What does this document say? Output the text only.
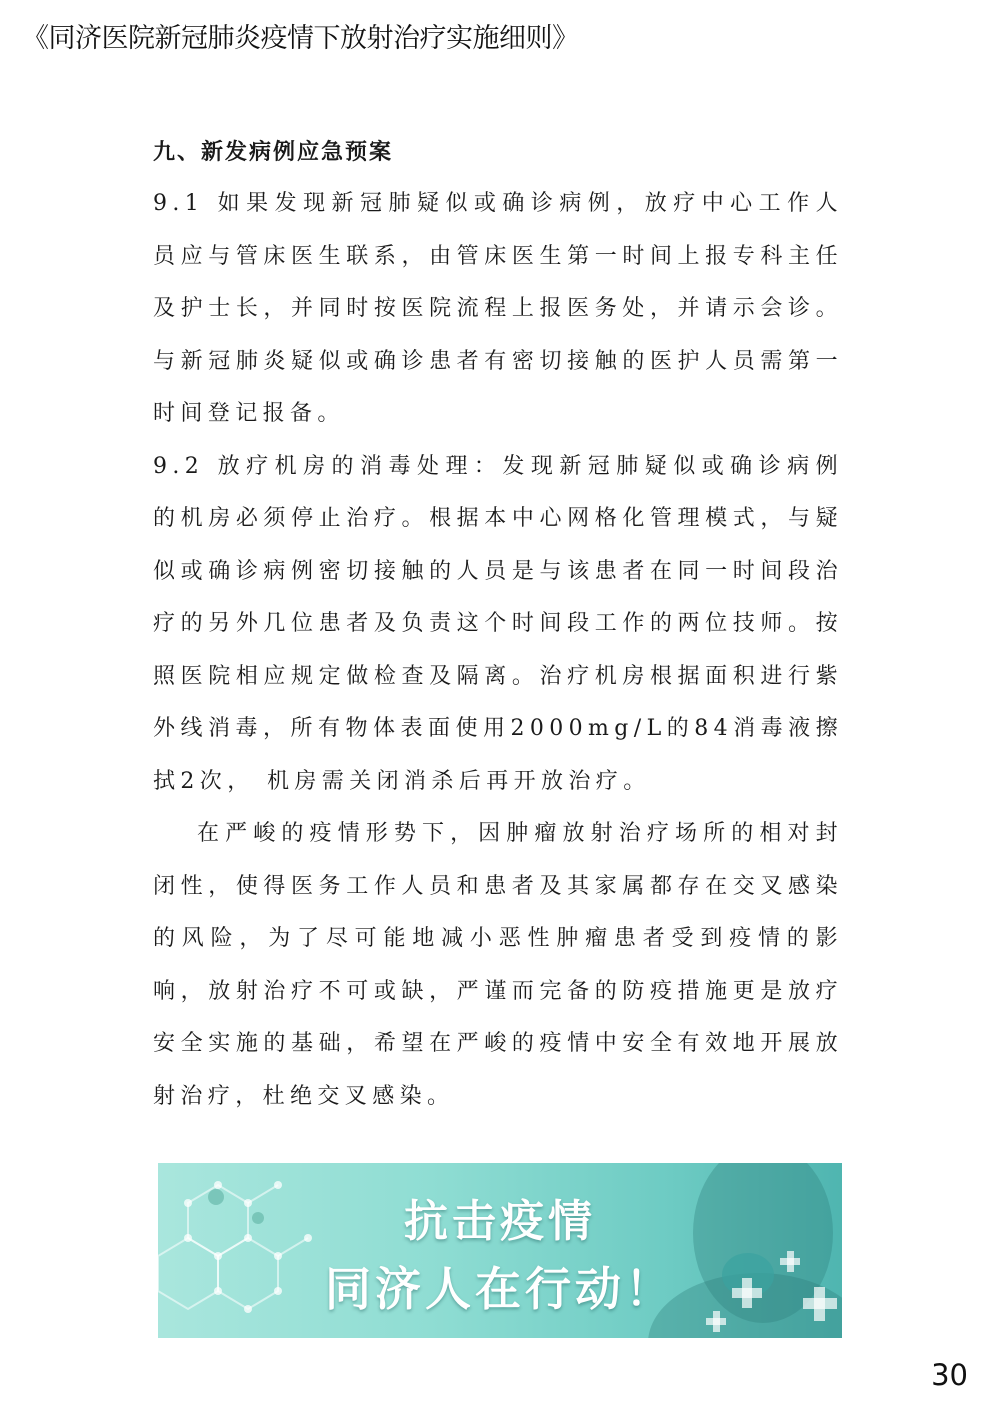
《同济医院新冠肺炎疫情下放射治疗实施细则》

九、新发病例应急预案

9.1 如果发现新冠肺疑似或确诊病例，放疗中心工作人员应与管床医生联系，由管床医生第一时间上报专科主任及护士长，并同时按医院流程上报医务处，并请示会诊。与新冠肺炎疑似或确诊患者有密切接触的医护人员需第一时间登记报备。

9.2 放疗机房的消毒处理：发现新冠肺疑似或确诊病例的机房必须停止治疗。根据本中心网格化管理模式，与疑似或确诊病例密切接触的人员是与该患者在同一时间段治疗的另外几位患者及负责这个时间段工作的两位技师。按照医院相应规定做检查及隔离。治疗机房根据面积进行紫外线消毒，所有物体表面使用2000mg/L的84消毒液擦拭2次， 机房需关闭消杀后再开放治疗。

在严峻的疫情形势下，因肿瘤放射治疗场所的相对封闭性，使得医务工作人员和患者及其家属都存在交叉感染的风险，为了尽可能地减小恶性肿瘤患者受到疫情的影响，放射治疗不可或缺，严谨而完备的防疫措施更是放疗安全实施的基础，希望在严峻的疫情中安全有效地开展放射治疗，杜绝交叉感染。

抗击疫情
同济人在行动！
30
